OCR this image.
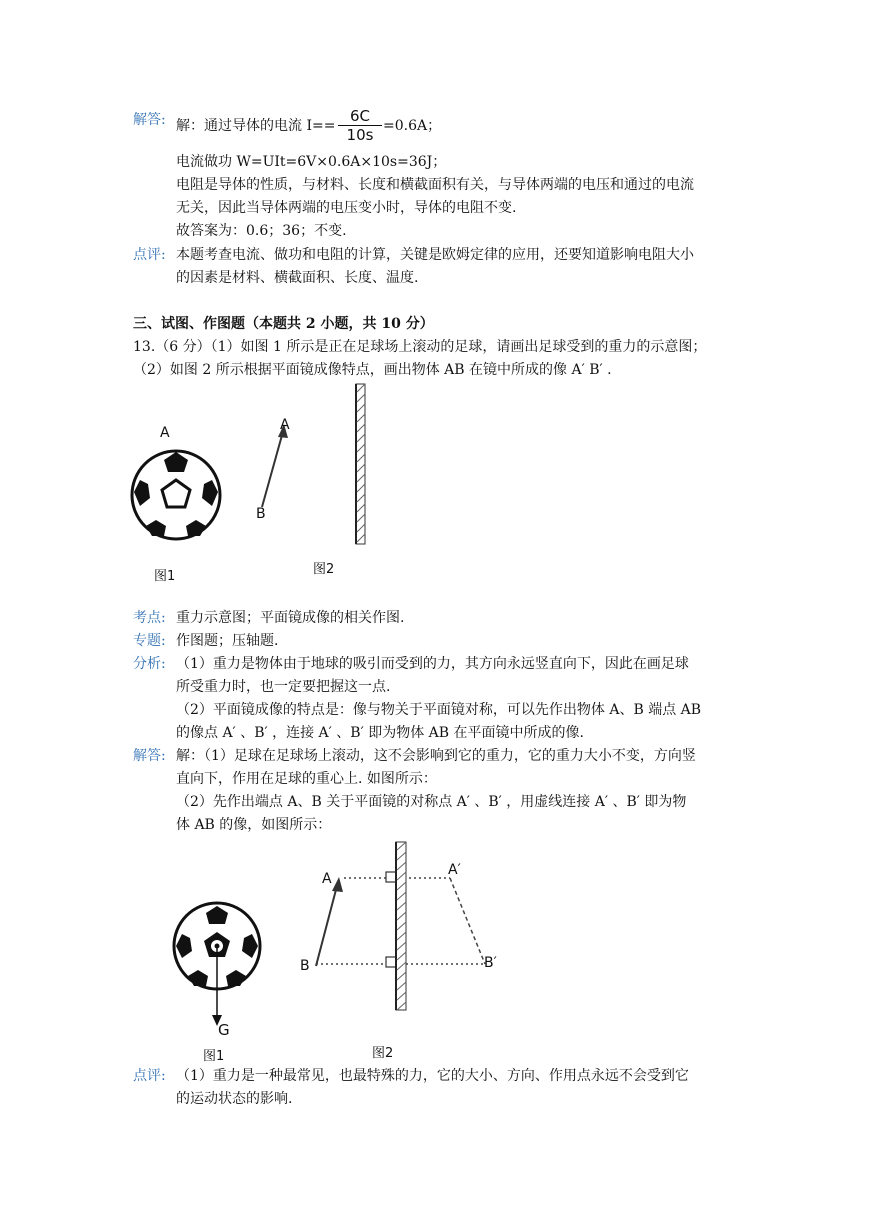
解答: 解：通过导体的电流 $I== \frac{6C}{10s} =0.6A$；
电流做功 W=UIt=6V×0.6A×10s=36J；
电阻是导体的性质，与材料、长度和横截面积有关，与导体两端的电压和通过的电流
无关，因此当导体两端的电压变小时，导体的电阻不变.
故答案为：0.6；36；不变.
点评: 本题考查电流、做功和电阻的计算，关键是欧姆定律的应用，还要知道影响电阻大小
的因素是材料、横截面积、长度、温度.
三、试图、作图题（本题共 2 小题，共 10 分）
13.（6 分）（1）如图 1 所示是正在足球场上滚动的足球，请画出足球受到的重力的示意图；
（2）如图 2 所示根据平面镜成像特点，画出物体 AB 在镜中所成的像 A′ B′ .
A
B
A
图1	图2
考点: 重力示意图；平面镜成像的相关作图.
专题: 作图题；压轴题.
分析: （1）重力是物体由于地球的吸引而受到的力，其方向永远竖直向下，因此在画足球
所受重力时，也一定要把握这一点.
（2）平面镜成像的特点是：像与物关于平面镜对称，可以先作出物体 A、B 端点 AB
的像点 A′ 、B′ ，连接 A′ 、B′ 即为物体 AB 在平面镜中所成的像.
解答: 解：（1）足球在足球场上滚动，这不会影响到它的重力，它的重力大小不变，方向竖
直向下，作用在足球的重心上. 如图所示：
（2）先作出端点 A、B 关于平面镜的对称点 A′ 、B′ ，用虚线连接 A′ 、B′ 即为物
体 AB 的像，如图所示：
A
B
A′
B′
G
图1	图2
点评: （1）重力是一种最常见，也最特殊的力，它的大小、方向、作用点永远不会受到它
的运动状态的影响.
